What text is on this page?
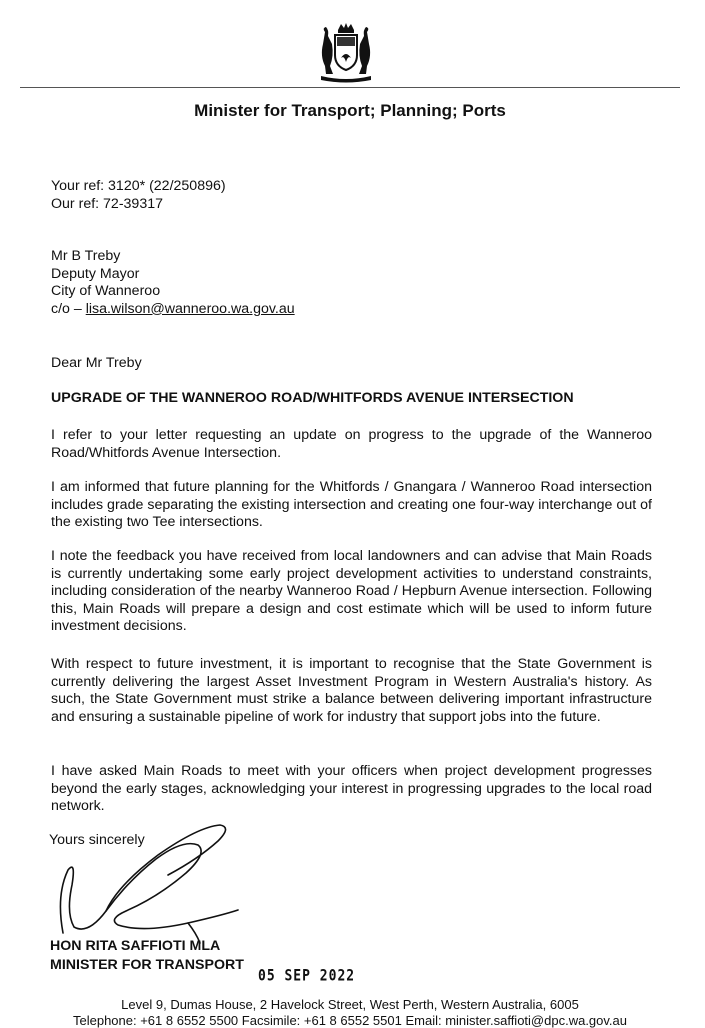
Minister for Transport; Planning; Ports
Your ref: 3120* (22/250896)
Our ref: 72-39317
Mr B Treby
Deputy Mayor
City of Wanneroo
c/o – lisa.wilson@wanneroo.wa.gov.au
Dear Mr Treby
UPGRADE OF THE WANNEROO ROAD/WHITFORDS AVENUE INTERSECTION
I refer to your letter requesting an update on progress to the upgrade of the Wanneroo Road/Whitfords Avenue Intersection.
I am informed that future planning for the Whitfords / Gnangara / Wanneroo Road intersection includes grade separating the existing intersection and creating one four-way interchange out of the existing two Tee intersections.
I note the feedback you have received from local landowners and can advise that Main Roads is currently undertaking some early project development activities to understand constraints, including consideration of the nearby Wanneroo Road / Hepburn Avenue intersection. Following this, Main Roads will prepare a design and cost estimate which will be used to inform future investment decisions.
With respect to future investment, it is important to recognise that the State Government is currently delivering the largest Asset Investment Program in Western Australia's history. As such, the State Government must strike a balance between delivering important infrastructure and ensuring a sustainable pipeline of work for industry that support jobs into the future.
I have asked Main Roads to meet with your officers when project development progresses beyond the early stages, acknowledging your interest in progressing upgrades to the local road network.
Yours sincerely
HON RITA SAFFIOTI MLA
MINISTER FOR TRANSPORT
05 SEP 2022
Level 9, Dumas House, 2 Havelock Street, West Perth, Western Australia, 6005
Telephone: +61 8 6552 5500 Facsimile: +61 8 6552 5501 Email: minister.saffioti@dpc.wa.gov.au
